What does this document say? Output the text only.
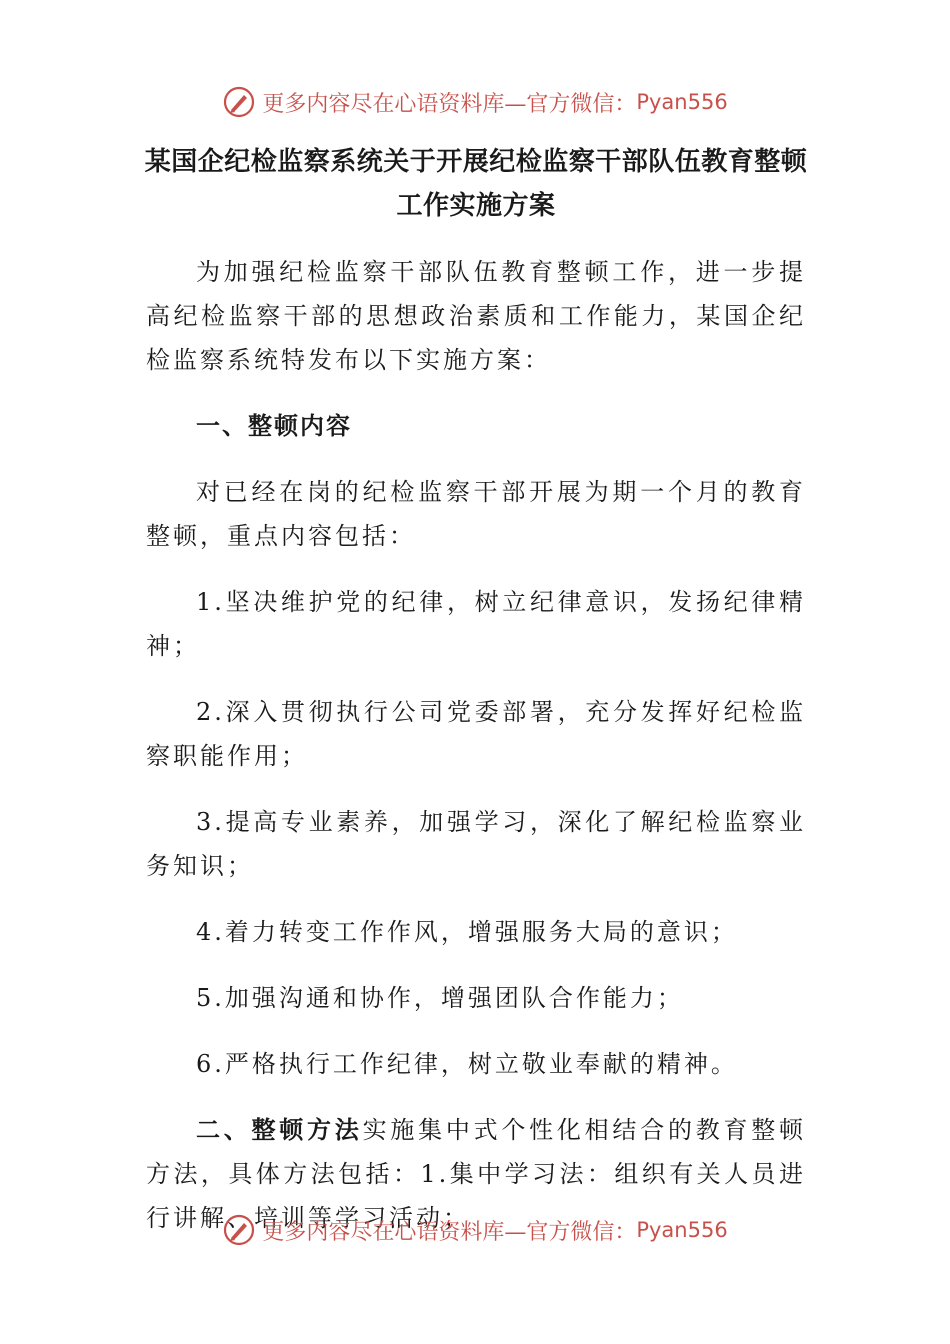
更多内容尽在心语资料库—官方微信： Pyan556
某国企纪检监察系统关于开展纪检监察干部队伍教育整顿
工作实施方案

为加强纪检监察干部队伍教育整顿工作，进一步提高纪检监察干部的思想政治素质和工作能力，某国企纪检监察系统特发布以下实施方案：

一、整顿内容

对已经在岗的纪检监察干部开展为期一个月的教育整顿，重点内容包括：

1.坚决维护党的纪律，树立纪律意识，发扬纪律精神；

2.深入贯彻执行公司党委部署，充分发挥好纪检监察职能作用；

3.提高专业素养，加强学习，深化了解纪检监察业务知识；

4.着力转变工作作风，增强服务大局的意识；

5.加强沟通和协作，增强团队合作能力；

6.严格执行工作纪律，树立敬业奉献的精神。

二、整顿方法实施集中式个性化相结合的教育整顿方法，具体方法包括：1.集中学习法：组织有关人员进行讲解、培训等学习活动；

更多内容尽在心语资料库—官方微信： Pyan556
